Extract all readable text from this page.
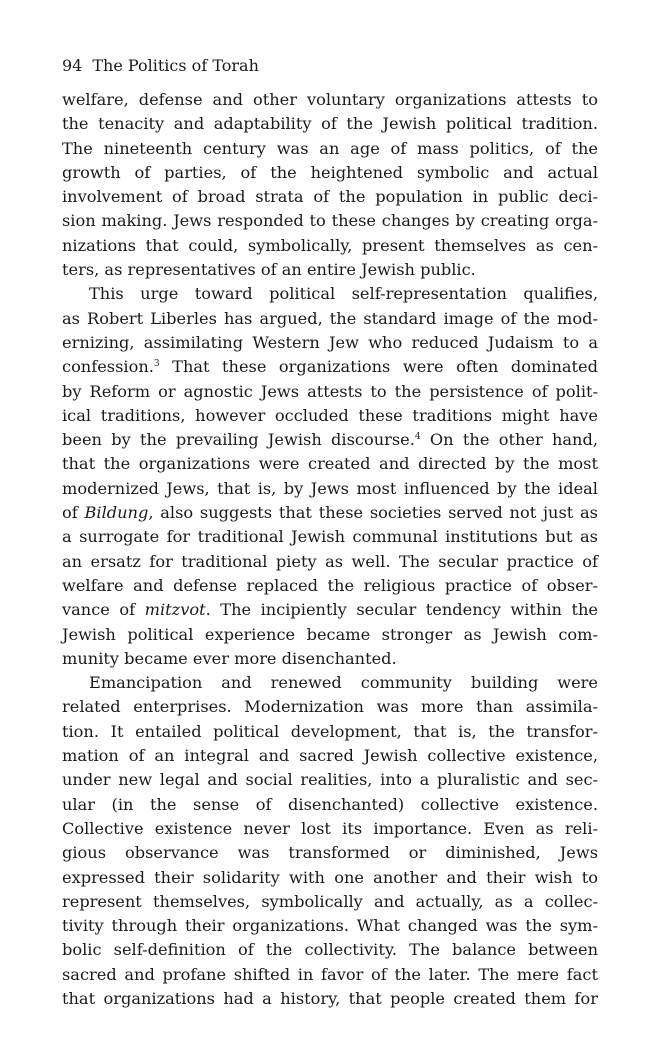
94 The Politics of Torah
welfare, defense and other voluntary organizations attests to
the tenacity and adaptability of the Jewish political tradition.
The nineteenth century was an age of mass politics, of the
growth of parties, of the heightened symbolic and actual
involvement of broad strata of the population in public deci-
sion making. Jews responded to these changes by creating orga-
nizations that could, symbolically, present themselves as cen-
ters, as representatives of an entire Jewish public.
This urge toward political self-representation qualifies,
as Robert Liberles has argued, the standard image of the mod-
ernizing, assimilating Western Jew who reduced Judaism to a
confession.$^3$ That these organizations were often dominated
by Reform or agnostic Jews attests to the persistence of polit-
ical traditions, however occluded these traditions might have
been by the prevailing Jewish discourse.$^4$ On the other hand,
that the organizations were created and directed by the most
modernized Jews, that is, by Jews most influenced by the ideal
of Bildung, also suggests that these societies served not just as
a surrogate for traditional Jewish communal institutions but as
an ersatz for traditional piety as well. The secular practice of
welfare and defense replaced the religious practice of obser-
vance of mitzvot. The incipiently secular tendency within the
Jewish political experience became stronger as Jewish com-
munity became ever more disenchanted.
Emancipation and renewed community building were
related enterprises. Modernization was more than assimila-
tion. It entailed political development, that is, the transfor-
mation of an integral and sacred Jewish collective existence,
under new legal and social realities, into a pluralistic and sec-
ular (in the sense of disenchanted) collective existence.
Collective existence never lost its importance. Even as reli-
gious observance was transformed or diminished, Jews
expressed their solidarity with one another and their wish to
represent themselves, symbolically and actually, as a collec-
tivity through their organizations. What changed was the sym-
bolic self-definition of the collectivity. The balance between
sacred and profane shifted in favor of the later. The mere fact
that organizations had a history, that people created them for
